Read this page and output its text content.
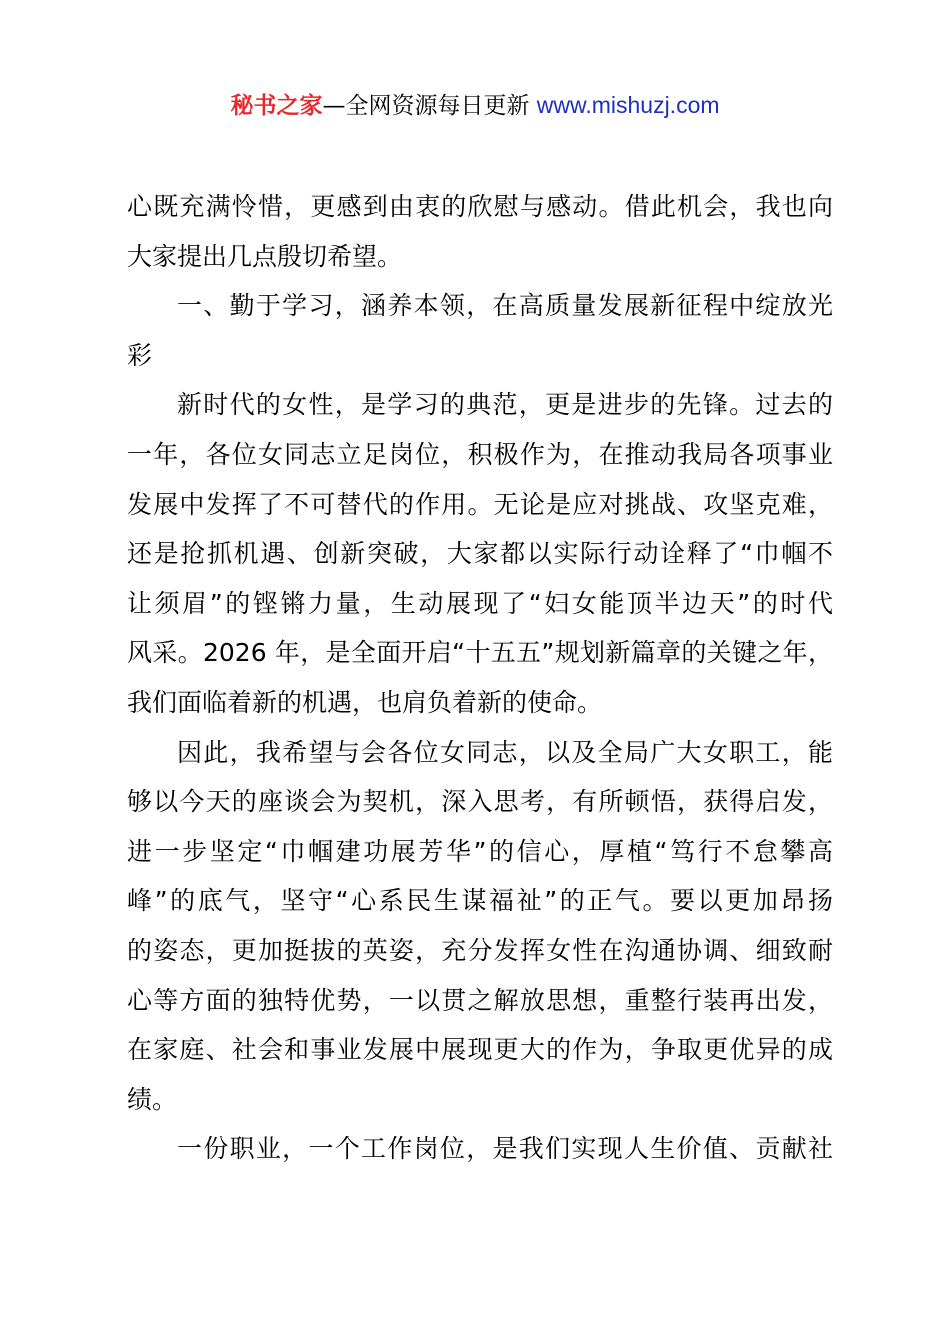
秘书之家—全网资源每日更新 www.mishuzj.com
心既充满怜惜，更感到由衷的欣慰与感动。借此机会，我也向
大家提出几点殷切希望。
一、勤于学习，涵养本领，在高质量发展新征程中绽放光
彩
新时代的女性，是学习的典范，更是进步的先锋。过去的
一年，各位女同志立足岗位，积极作为，在推动我局各项事业
发展中发挥了不可替代的作用。无论是应对挑战、攻坚克难，
还是抢抓机遇、创新突破，大家都以实际行动诠释了“巾帼不
让须眉”的铿锵力量，生动展现了“妇女能顶半边天”的时代
风采。2026 年，是全面开启“十五五”规划新篇章的关键之年，
我们面临着新的机遇，也肩负着新的使命。
因此，我希望与会各位女同志，以及全局广大女职工，能
够以今天的座谈会为契机，深入思考，有所顿悟，获得启发，
进一步坚定“巾帼建功展芳华”的信心，厚植“笃行不怠攀高
峰”的底气，坚守“心系民生谋福祉”的正气。要以更加昂扬
的姿态，更加挺拔的英姿，充分发挥女性在沟通协调、细致耐
心等方面的独特优势，一以贯之解放思想，重整行装再出发，
在家庭、社会和事业发展中展现更大的作为，争取更优异的成
绩。
一份职业，一个工作岗位，是我们实现人生价值、贡献社
